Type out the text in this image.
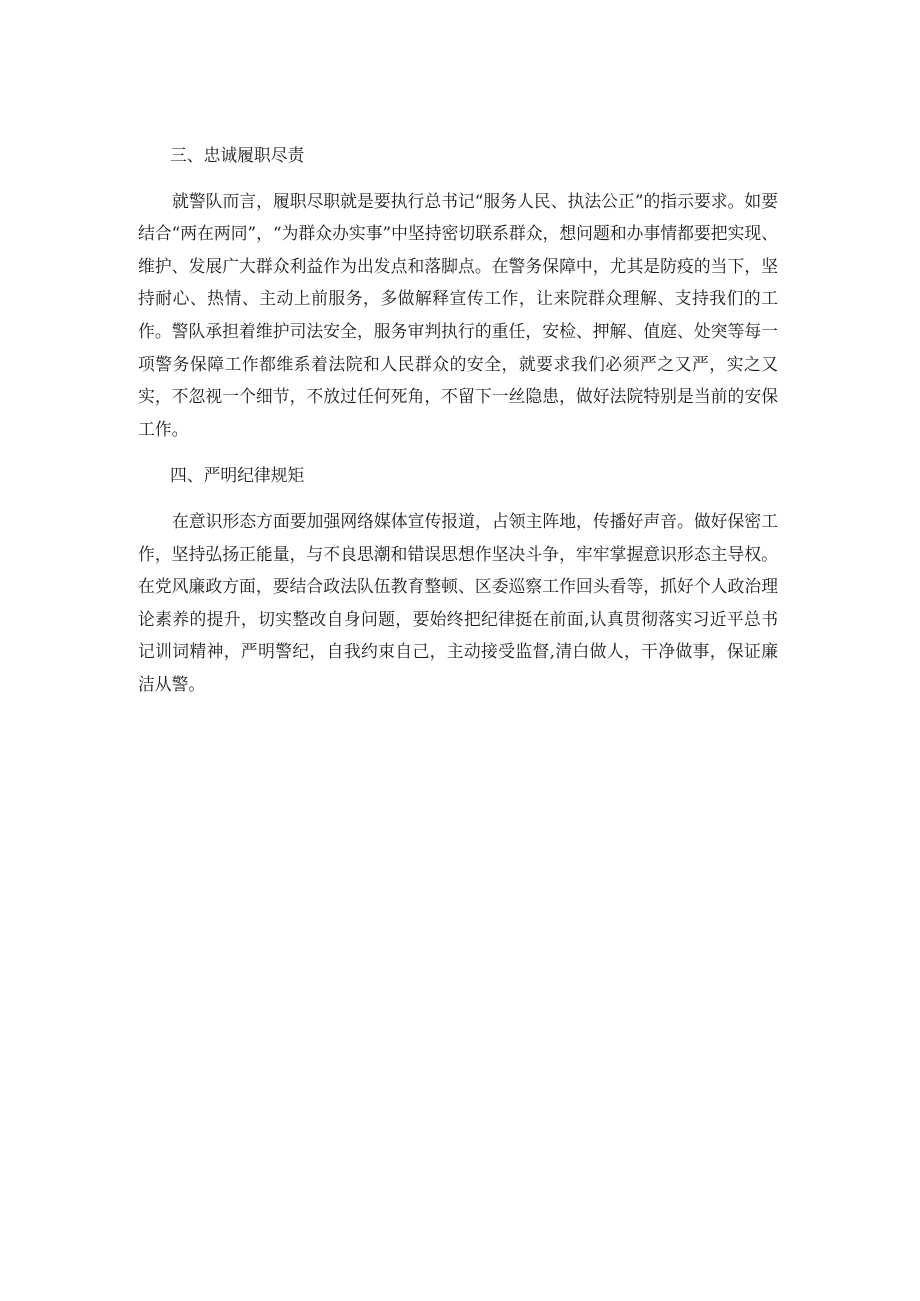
三、忠诚履职尽责

就警队而言，履职尽职就是要执行总书记“服务人民、执法公正”的指示要求。如要结合“两在两同”，“为群众办实事”中坚持密切联系群众，想问题和办事情都要把实现、维护、发展广大群众利益作为出发点和落脚点。在警务保障中，尤其是防疫的当下，坚持耐心、热情、主动上前服务，多做解释宣传工作，让来院群众理解、支持我们的工作。警队承担着维护司法安全，服务审判执行的重任，安检、押解、值庭、处突等每一项警务保障工作都维系着法院和人民群众的安全，就要求我们必须严之又严，实之又实，不忽视一个细节，不放过任何死角，不留下一丝隐患，做好法院特别是当前的安保工作。

四、严明纪律规矩

在意识形态方面要加强网络媒体宣传报道，占领主阵地，传播好声音。做好保密工作，坚持弘扬正能量，与不良思潮和错误思想作坚决斗争，牢牢掌握意识形态主导权。在党风廉政方面，要结合政法队伍教育整顿、区委巡察工作回头看等，抓好个人政治理论素养的提升，切实整改自身问题，要始终把纪律挺在前面,认真贯彻落实习近平总书记训词精神，严明警纪，自我约束自己，主动接受监督,清白做人，干净做事，保证廉洁从警。
